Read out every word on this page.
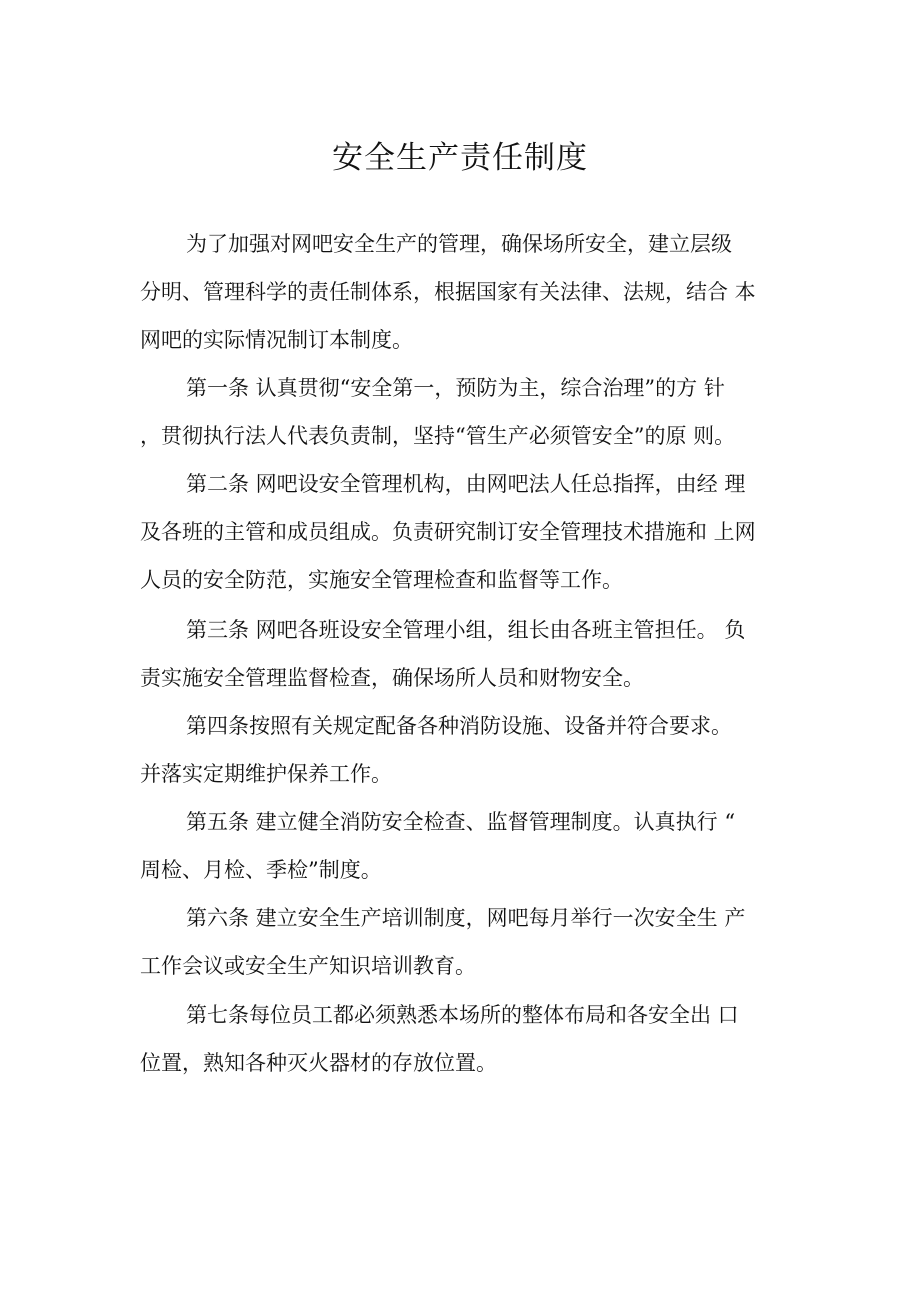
安全生产责任制度
为了加强对网吧安全生产的管理，确保场所安全，建立层级
分明、管理科学的责任制体系，根据国家有关法律、法规，结合 本
网吧的实际情况制订本制度。
第一条 认真贯彻“安全第一，预防为主，综合治理”的方 针
，贯彻执行法人代表负责制，坚持“管生产必须管安全”的原 则。
第二条 网吧设安全管理机构，由网吧法人任总指挥，由经 理
及各班的主管和成员组成。负责研究制订安全管理技术措施和 上网
人员的安全防范，实施安全管理检查和监督等工作。
第三条 网吧各班设安全管理小组，组长由各班主管担任。 负
责实施安全管理监督检查，确保场所人员和财物安全。
第四条按照有关规定配备各种消防设施、设备并符合要求。
并落实定期维护保养工作。
第五条 建立健全消防安全检查、监督管理制度。认真执行 “
周检、月检、季检”制度。
第六条 建立安全生产培训制度，网吧每月举行一次安全生 产
工作会议或安全生产知识培训教育。
第七条每位员工都必须熟悉本场所的整体布局和各安全出 口
位置，熟知各种灭火器材的存放位置。
